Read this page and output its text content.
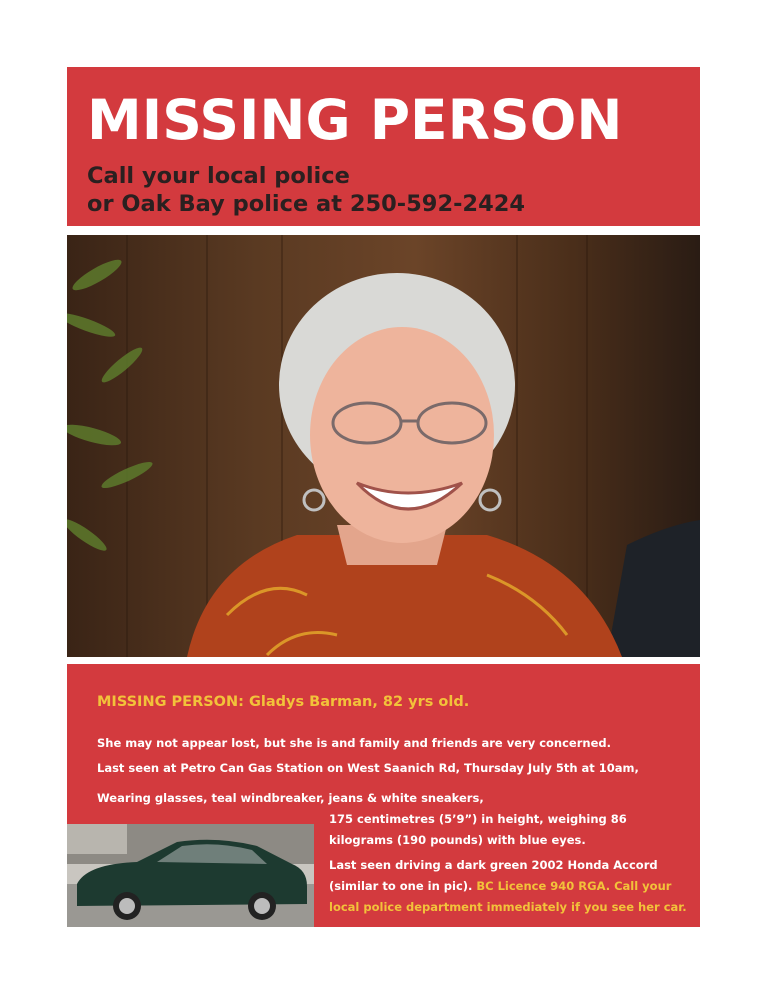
MISSING PERSON
Call your local police
or Oak Bay police at 250-592-2424
MISSING PERSON: Gladys Barman, 82 yrs old.
She may not appear lost, but she is and family and friends are very concerned.
Last seen at Petro Can Gas Station on West Saanich Rd, Thursday July 5th at 10am,
Wearing glasses, teal windbreaker, jeans & white sneakers,
175 centimetres (5’9”) in height, weighing 86
kilograms (190 pounds) with blue eyes.
Last seen driving a dark green 2002 Honda Accord
(similar to one in pic). BC Licence 940 RGA. Call your
local police department immediately if you see her car.
